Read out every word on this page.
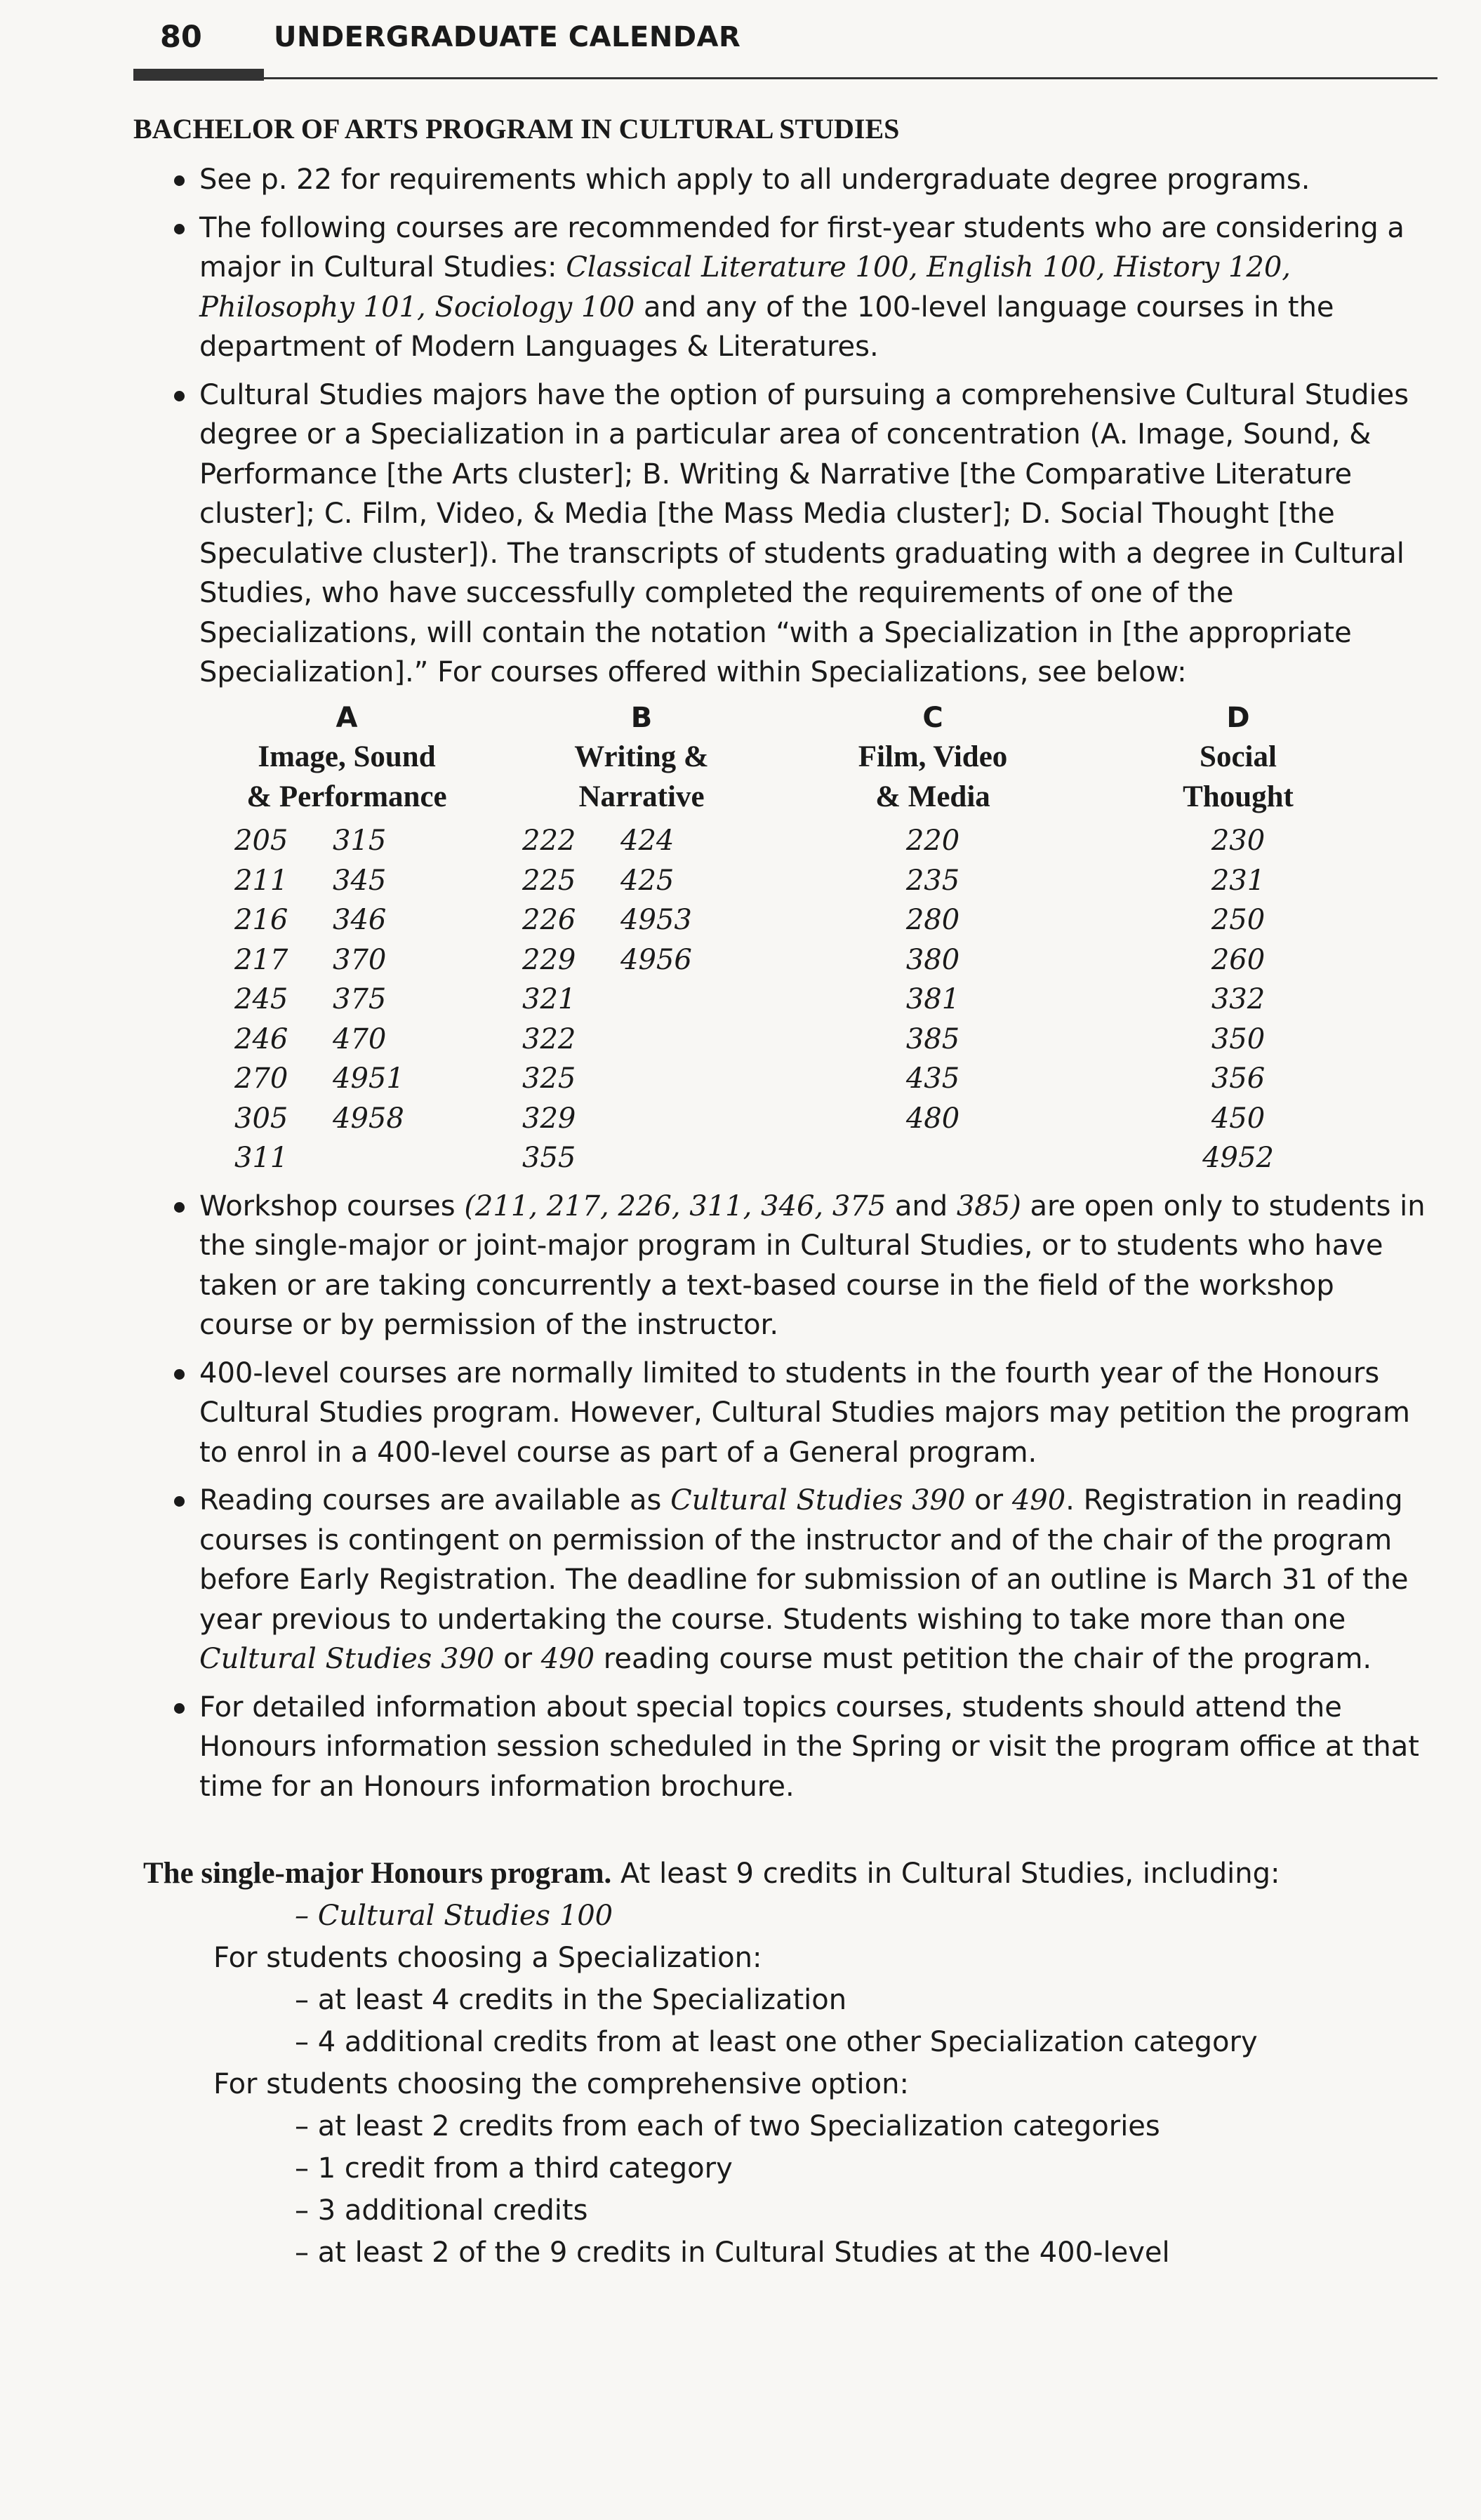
80	UNDERGRADUATE CALENDAR
BACHELOR OF ARTS PROGRAM IN CULTURAL STUDIES
See p. 22 for requirements which apply to all undergraduate degree programs.
The following courses are recommended for first-year students who are considering a major in Cultural Studies: Classical Literature 100, English 100, History 120, Philosophy 101, Sociology 100 and any of the 100-level language courses in the department of Modern Languages & Literatures.
Cultural Studies majors have the option of pursuing a comprehensive Cultural Studies degree or a Specialization in a particular area of concentration (A. Image, Sound, & Performance [the Arts cluster]; B. Writing & Narrative [the Comparative Literature cluster]; C. Film, Video, & Media [the Mass Media cluster]; D. Social Thought [the Speculative cluster]). The transcripts of students graduating with a degree in Cultural Studies, who have successfully completed the requirements of one of the Specializations, will contain the notation “with a Specialization in [the appropriate Specialization].” For courses offered within Specializations, see below:
A
Image, Sound
& Performance
B
Writing &
Narrative
C
Film, Video
& Media
D
Social
Thought
205
211
216
217
245
246
270
305
311
315
345
346
370
375
470
4951
4958
222
225
226
229
321
322
325
329
355
424
425
4953
4956
220
235
280
380
381
385
435
480
230
231
250
260
332
350
356
450
4952
Workshop courses (211, 217, 226, 311, 346, 375 and 385) are open only to students in the single-major or joint-major program in Cultural Studies, or to students who have taken or are taking concurrently a text-based course in the field of the workshop course or by permission of the instructor.
400-level courses are normally limited to students in the fourth year of the Honours Cultural Studies program. However, Cultural Studies majors may petition the program to enrol in a 400-level course as part of a General program.
Reading courses are available as Cultural Studies 390 or 490. Registration in reading courses is contingent on permission of the instructor and of the chair of the program before Early Registration. The deadline for submission of an outline is March 31 of the year previous to undertaking the course. Students wishing to take more than one Cultural Studies 390 or 490 reading course must petition the chair of the program.
For detailed information about special topics courses, students should attend the Honours information session scheduled in the Spring or visit the program office at that time for an Honours information brochure.
The single-major Honours program. At least 9 credits in Cultural Studies, including:
– Cultural Studies 100
For students choosing a Specialization:
– at least 4 credits in the Specialization
– 4 additional credits from at least one other Specialization category
For students choosing the comprehensive option:
– at least 2 credits from each of two Specialization categories
– 1 credit from a third category
– 3 additional credits
– at least 2 of the 9 credits in Cultural Studies at the 400-level
